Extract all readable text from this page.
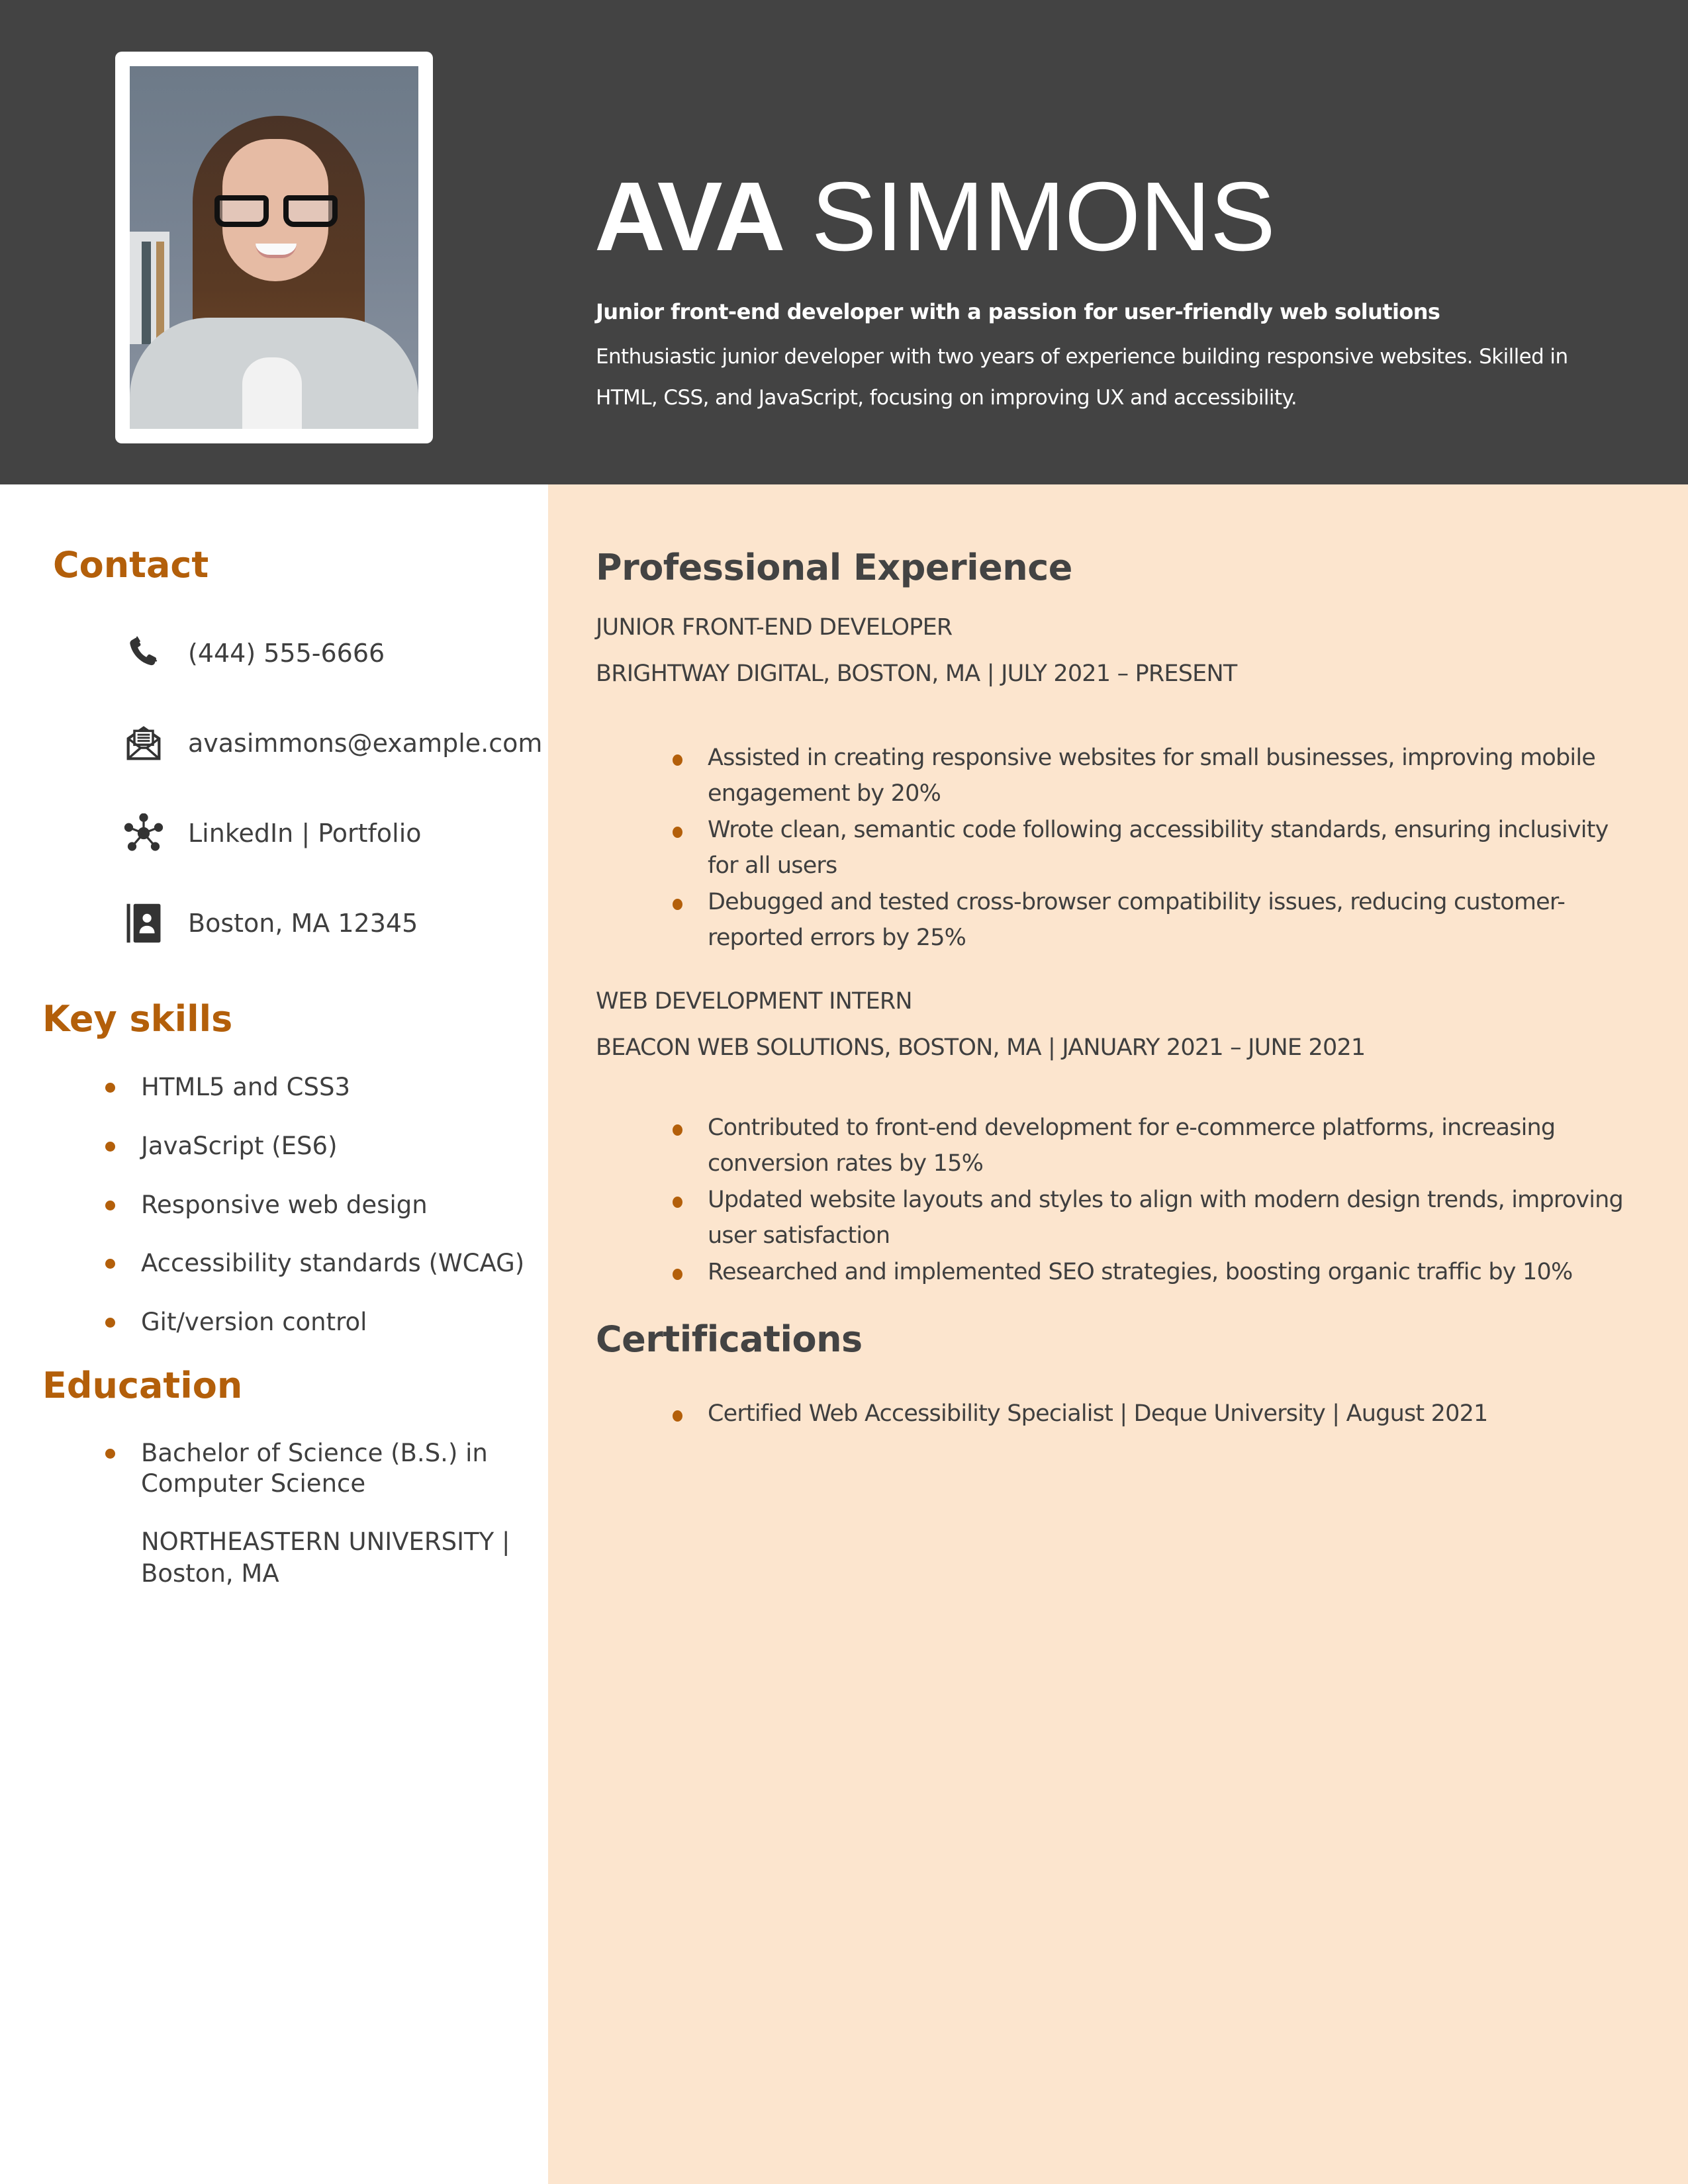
AVA SIMMONS
Junior front-end developer with a passion for user-friendly web solutions
Enthusiastic junior developer with two years of experience building responsive websites. Skilled in HTML, CSS, and JavaScript, focusing on improving UX and accessibility.
Contact
(444) 555-6666
avasimmons@example.com
LinkedIn | Portfolio
Boston, MA 12345
Key skills
HTML5 and CSS3
JavaScript (ES6)
Responsive web design
Accessibility standards (WCAG)
Git/version control
Education
Bachelor of Science (B.S.) in
Computer Science
NORTHEASTERN UNIVERSITY |
Boston, MA
Professional Experience
JUNIOR FRONT-END DEVELOPER
BRIGHTWAY DIGITAL, BOSTON, MA | JULY 2021 – PRESENT
Assisted in creating responsive websites for small businesses, improving mobile engagement by 20%
Wrote clean, semantic code following accessibility standards, ensuring inclusivity for all users
Debugged and tested cross-browser compatibility issues, reducing customer-reported errors by 25%
WEB DEVELOPMENT INTERN
BEACON WEB SOLUTIONS, BOSTON, MA | JANUARY 2021 – JUNE 2021
Contributed to front-end development for e-commerce platforms, increasing conversion rates by 15%
Updated website layouts and styles to align with modern design trends, improving user satisfaction
Researched and implemented SEO strategies, boosting organic traffic by 10%
Certifications
Certified Web Accessibility Specialist | Deque University | August 2021
